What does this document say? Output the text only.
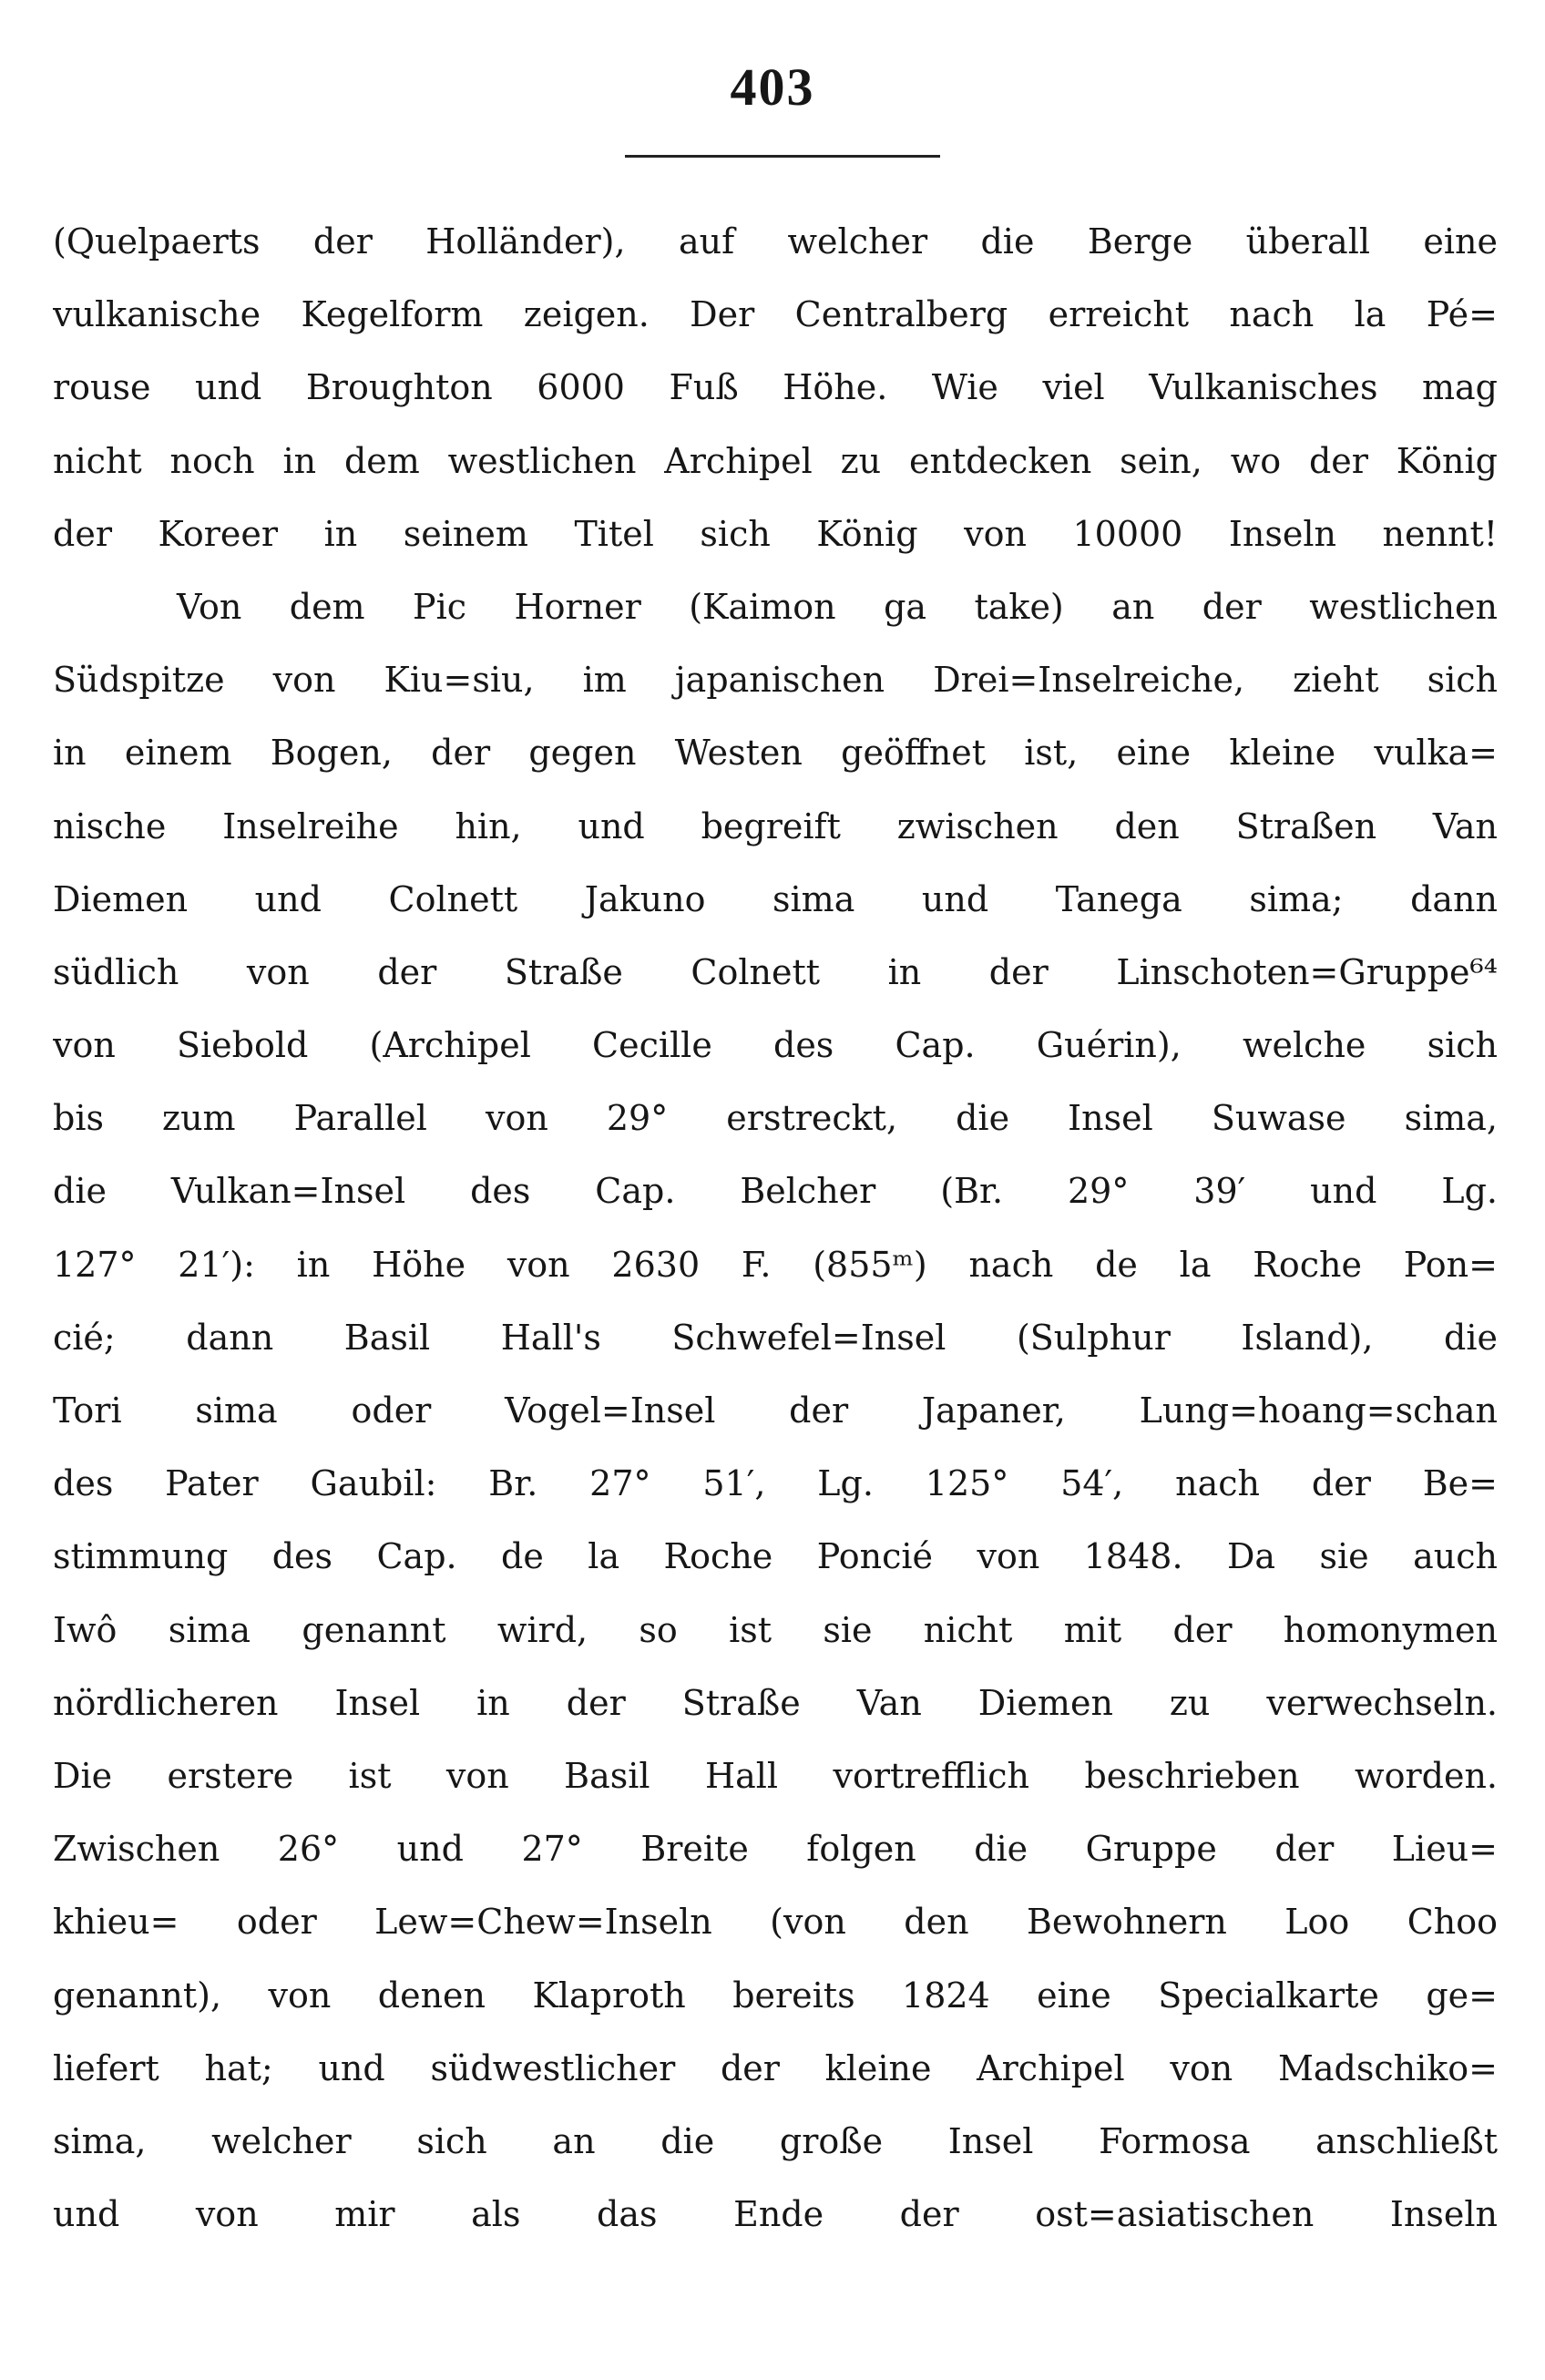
403
(Quelpaerts der Holländer), auf welcher die Berge überall eine
vulkanische Kegelform zeigen. Der Centralberg erreicht nach la Pé=
rouse und Broughton 6000 Fuß Höhe. Wie viel Vulkanisches mag
nicht noch in dem westlichen Archipel zu entdecken sein, wo der König
der Koreer in seinem Titel sich König von 10000 Inseln nennt!
Von dem Pic Horner (Kaimon ga take) an der westlichen
Südspitze von Kiu=siu, im japanischen Drei=Inselreiche, zieht sich
in einem Bogen, der gegen Westen geöffnet ist, eine kleine vulka=
nische Inselreihe hin, und begreift zwischen den Straßen Van
Diemen und Colnett Jakuno sima und Tanega sima; dann
südlich von der Straße Colnett in der Linschoten=Gruppe⁶⁴
von Siebold (Archipel Cecille des Cap. Guérin), welche sich
bis zum Parallel von 29° erstreckt, die Insel Suwase sima,
die Vulkan=Insel des Cap. Belcher (Br. 29° 39′ und Lg.
127° 21′): in Höhe von 2630 F. (855ᵐ) nach de la Roche Pon=
cié; dann Basil Hall's Schwefel=Insel (Sulphur Island), die
Tori sima oder Vogel=Insel der Japaner, Lung=hoang=schan
des Pater Gaubil: Br. 27° 51′, Lg. 125° 54′, nach der Be=
stimmung des Cap. de la Roche Poncié von 1848. Da sie auch
Iwô sima genannt wird, so ist sie nicht mit der homonymen
nördlicheren Insel in der Straße Van Diemen zu verwechseln.
Die erstere ist von Basil Hall vortrefflich beschrieben worden.
Zwischen 26° und 27° Breite folgen die Gruppe der Lieu=
khieu= oder Lew=Chew=Inseln (von den Bewohnern Loo Choo
genannt), von denen Klaproth bereits 1824 eine Specialkarte ge=
liefert hat; und südwestlicher der kleine Archipel von Madschiko=
sima, welcher sich an die große Insel Formosa anschließt
und von mir als das Ende der ost=asiatischen Inseln
